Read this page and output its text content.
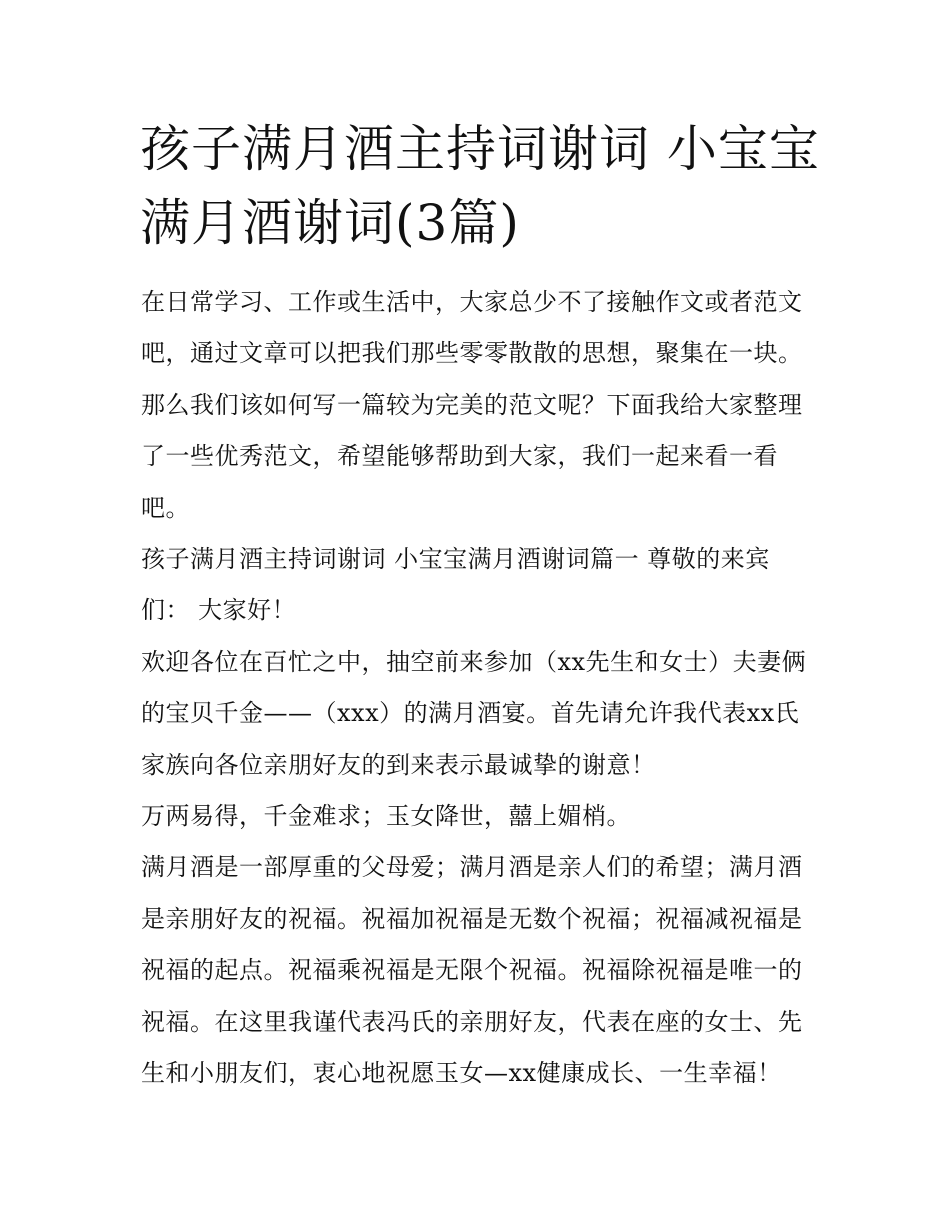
孩子满月酒主持词谢词 小宝宝满月酒谢词(3篇)

在日常学习、工作或生活中，大家总少不了接触作文或者范文吧，通过文章可以把我们那些零零散散的思想，聚集在一块。那么我们该如何写一篇较为完美的范文呢？下面我给大家整理了一些优秀范文，希望能够帮助到大家，我们一起来看一看吧。

孩子满月酒主持词谢词 小宝宝满月酒谢词篇一 尊敬的来宾们： 大家好！

欢迎各位在百忙之中，抽空前来参加（xx先生和女士）夫妻俩的宝贝千金——（xxx）的满月酒宴。首先请允许我代表xx氏家族向各位亲朋好友的到来表示最诚挚的谢意！

万两易得，千金难求；玉女降世，囍上媚梢。

满月酒是一部厚重的父母爱；满月酒是亲人们的希望；满月酒是亲朋好友的祝福。祝福加祝福是无数个祝福；祝福减祝福是祝福的起点。祝福乘祝福是无限个祝福。祝福除祝福是唯一的祝福。在这里我谨代表冯氏的亲朋好友，代表在座的女士、先生和小朋友们，衷心地祝愿玉女—xx健康成长、一生幸福！
